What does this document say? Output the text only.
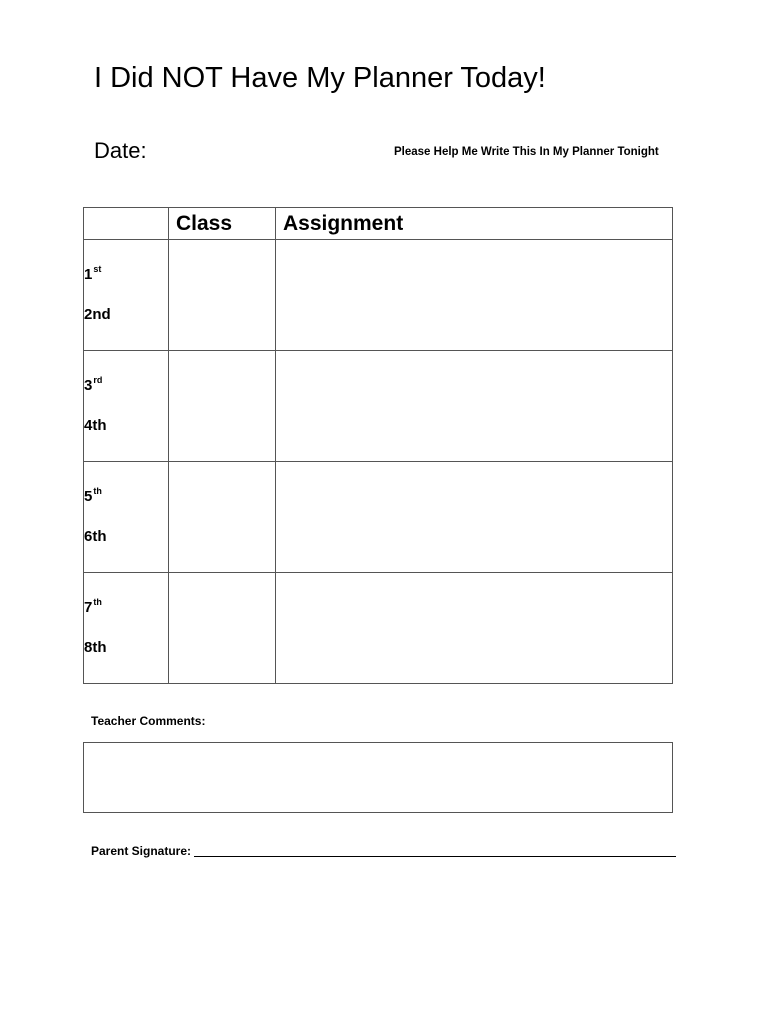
I Did NOT Have My Planner Today!
Date:	Please Help Me Write This In My Planner Tonight
	Class	Assignment

1st
2nd		

3rd
4th		

5th
6th		

7th
8th		

Teacher Comments:
Parent Signature:
